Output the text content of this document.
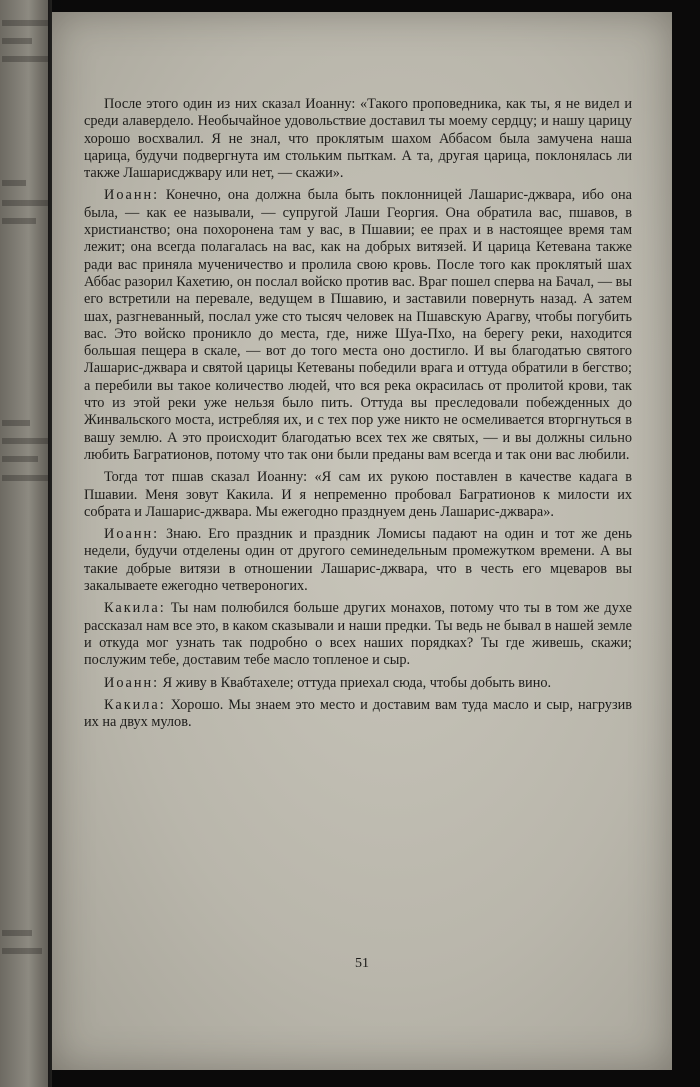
После этого один из них сказал Иоанну: «Такого проповедника, как ты, я не видел и среди алавердело. Необычайное удовольствие доставил ты моему сердцу; и нашу царицу хорошо восхвалил. Я не знал, что проклятым шахом Аббасом была замучена наша царица, будучи подвергнута им стольким пыткам. А та, другая царица, поклонялась ли также Лашарисджвару или нет, — скажи».

Иоанн: Конечно, она должна была быть поклонницей Лашарис-джвара, ибо она была, — как ее называли, — супругой Лаши Георгия. Она обратила вас, пшавов, в христианство; она похоронена там у вас, в Пшавии; ее прах и в настоящее время там лежит; она всегда полагалась на вас, как на добрых витязей. И царица Кетевана также ради вас приняла мученичество и пролила свою кровь. После того как проклятый шах Аббас разорил Кахетию, он послал войско против вас. Враг пошел сперва на Бачал, — вы его встретили на перевале, ведущем в Пшавию, и заставили повернуть назад. А затем шах, разгневанный, послал уже сто тысяч человек на Пшавскую Арагву, чтобы погубить вас. Это войско проникло до места, где, ниже Шуа-Пхо, на берегу реки, находится большая пещера в скале, — вот до того места оно достигло. И вы благодатью святого Лашарис-джвара и святой царицы Кетеваны победили врага и оттуда обратили в бегство; а перебили вы такое количество людей, что вся река окрасилась от пролитой крови, так что из этой реки уже нельзя было пить. Оттуда вы преследовали побежденных до Жинвальского моста, истребляя их, и с тех пор уже никто не осмеливается вторгнуться в вашу землю. А это происходит благодатью всех тех же святых, — и вы должны сильно любить Багратионов, потому что так они были преданы вам всегда и так они вас любили.

Тогда тот пшав сказал Иоанну: «Я сам их рукою поставлен в качестве кадага в Пшавии. Меня зовут Какила. И я непременно пробовал Багратионов к милости их собрата и Лашарис-джвара. Мы ежегодно празднуем день Лашарис-джвара».

Иоанн: Знаю. Его праздник и праздник Ломисы падают на один и тот же день недели, будучи отделены один от другого семинедельным промежутком времени. А вы такие добрые витязи в отношении Лашарис-джвара, что в честь его мцеваров вы закалываете ежегодно четвероногих.

Какила: Ты нам полюбился больше других монахов, потому что ты в том же духе рассказал нам все это, в каком сказывали и наши предки. Ты ведь не бывал в нашей земле и откуда мог узнать так подробно о всех наших порядках? Ты где живешь, скажи; послужим тебе, доставим тебе масло топленое и сыр.

Иоанн: Я живу в Квабтахеле; оттуда приехал сюда, чтобы добыть вино.

Какила: Хорошо. Мы знаем это место и доставим вам туда масло и сыр, нагрузив их на двух мулов.

51
